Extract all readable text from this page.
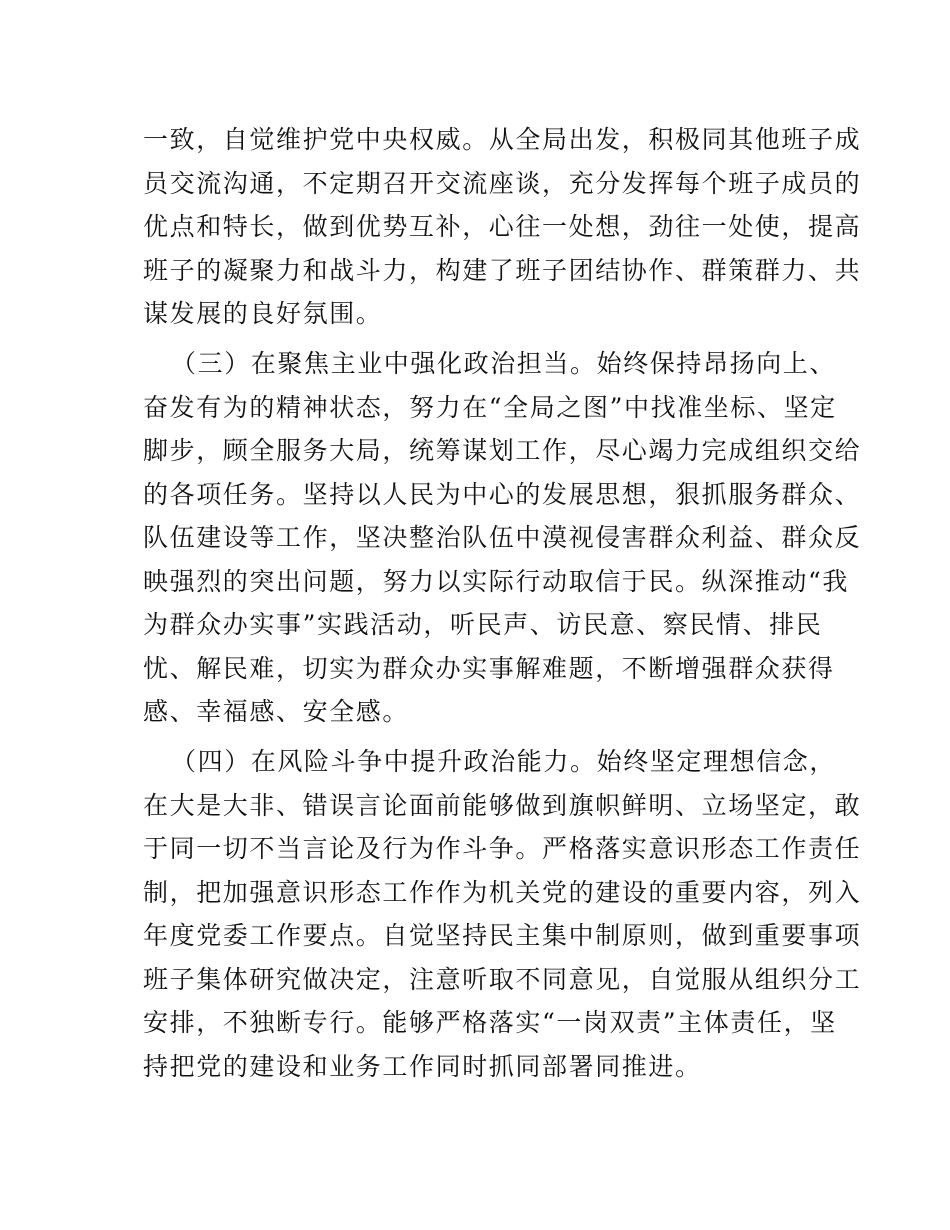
一致，自觉维护党中央权威。从全局出发，积极同其他班子成
员交流沟通，不定期召开交流座谈，充分发挥每个班子成员的
优点和特长，做到优势互补，心往一处想，劲往一处使，提高
班子的凝聚力和战斗力，构建了班子团结协作、群策群力、共
谋发展的良好氛围。

（三）在聚焦主业中强化政治担当。始终保持昂扬向上、
奋发有为的精神状态，努力在“全局之图”中找准坐标、坚定
脚步，顾全服务大局，统筹谋划工作，尽心竭力完成组织交给
的各项任务。坚持以人民为中心的发展思想，狠抓服务群众、
队伍建设等工作，坚决整治队伍中漠视侵害群众利益、群众反
映强烈的突出问题，努力以实际行动取信于民。纵深推动“我
为群众办实事”实践活动，听民声、访民意、察民情、排民
忧、解民难，切实为群众办实事解难题，不断增强群众获得
感、幸福感、安全感。

（四）在风险斗争中提升政治能力。始终坚定理想信念，
在大是大非、错误言论面前能够做到旗帜鲜明、立场坚定，敢
于同一切不当言论及行为作斗争。严格落实意识形态工作责任
制，把加强意识形态工作作为机关党的建设的重要内容，列入
年度党委工作要点。自觉坚持民主集中制原则，做到重要事项
班子集体研究做决定，注意听取不同意见，自觉服从组织分工
安排，不独断专行。能够严格落实“一岗双责”主体责任，坚
持把党的建设和业务工作同时抓同部署同推进。
